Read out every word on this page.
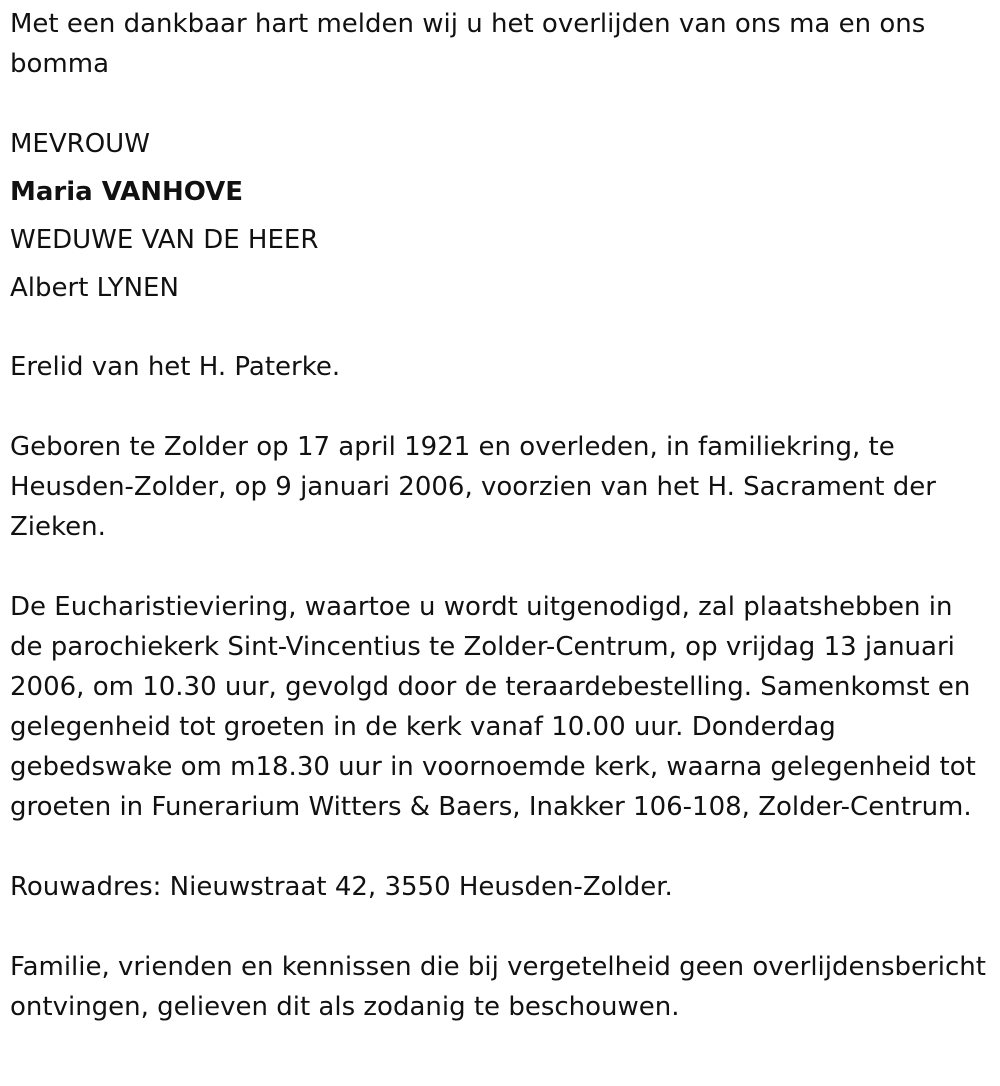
Met een dankbaar hart melden wij u het overlijden van ons ma en ons bomma

MEVROUW
Maria VANHOVE
WEDUWE VAN DE HEER
Albert LYNEN

Erelid van het H. Paterke.

Geboren te Zolder op 17 april 1921 en overleden, in familiekring, te Heusden-Zolder, op 9 januari 2006, voorzien van het H. Sacrament der Zieken.

De Eucharistieviering, waartoe u wordt uitgenodigd, zal plaatshebben in de parochiekerk Sint-Vincentius te Zolder-Centrum, op vrijdag 13 januari 2006, om 10.30 uur, gevolgd door de teraardebestelling. Samenkomst en gelegenheid tot groeten in de kerk vanaf 10.00 uur. Donderdag gebedswake om m18.30 uur in voornoemde kerk, waarna gelegenheid tot groeten in Funerarium Witters & Baers, Inakker 106-108, Zolder-Centrum.

Rouwadres: Nieuwstraat 42, 3550 Heusden-Zolder.

Familie, vrienden en kennissen die bij vergetelheid geen overlijdensbericht ontvingen, gelieven dit als zodanig te beschouwen.
